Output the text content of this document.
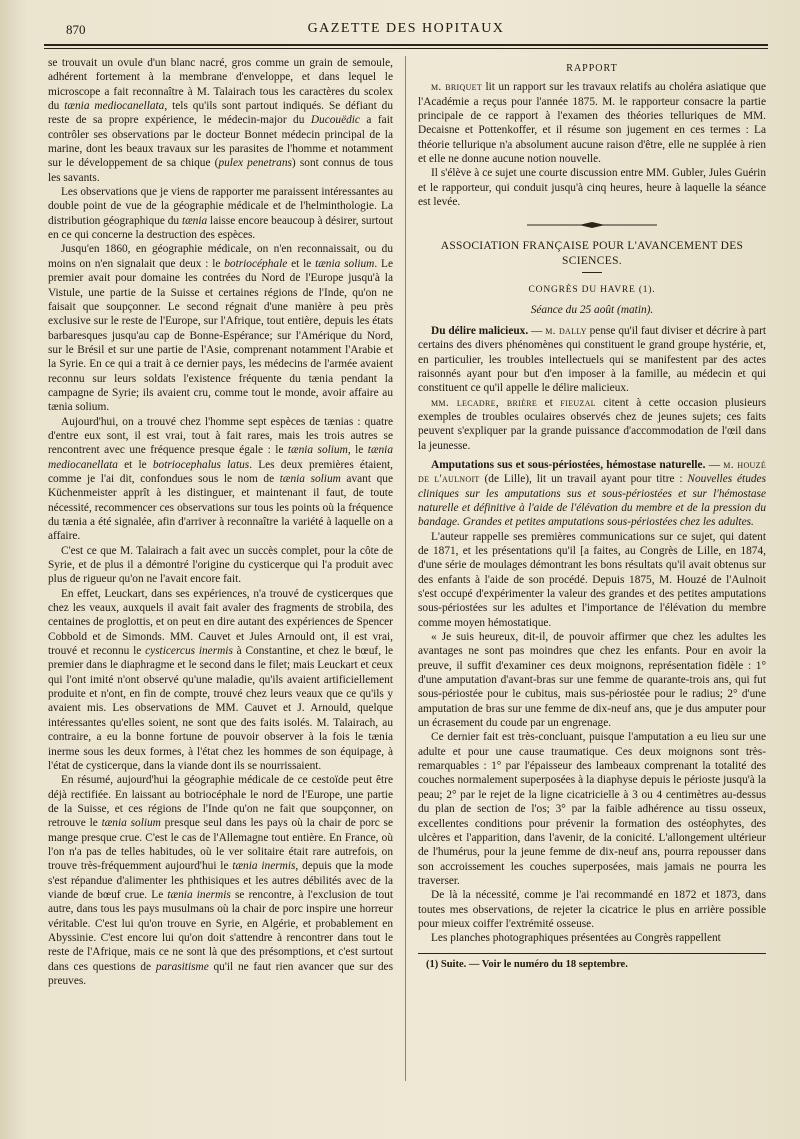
870	GAZETTE DES HOPITAUX

se trouvait un ovule d'un blanc nacré, gros comme un grain de semoule, adhérent fortement à la membrane d'enveloppe, et dans lequel le microscope a fait reconnaître à M. Talairach tous les caractères du scolex du tænia mediocanellata, tels qu'ils sont partout indiqués. Se défiant du reste de sa propre expérience, le médecin-major du Ducouëdic a fait contrôler ses observations par le docteur Bonnet médecin principal de la marine, dont les beaux travaux sur les parasites de l'homme et notamment sur le développement de sa chique (pulex penetrans) sont connus de tous les savants.

Les observations que je viens de rapporter me paraissent intéressantes au double point de vue de la géographie médicale et de l'helminthologie. La distribution géographique du tænia laisse encore beaucoup à désirer, surtout en ce qui concerne la destruction des espèces.

Jusqu'en 1860, en géographie médicale, on n'en reconnaissait, ou du moins on n'en signalait que deux : le botriocéphale et le tænia solium. Le premier avait pour domaine les contrées du Nord de l'Europe jusqu'à la Vistule, une partie de la Suisse et certaines régions de l'Inde, qu'on ne faisait que soupçonner. Le second régnait d'une manière à peu près exclusive sur le reste de l'Europe, sur l'Afrique, tout entière, depuis les états barbaresques jusqu'au cap de Bonne-Espérance; sur l'Amérique du Nord, sur le Brésil et sur une partie de l'Asie, comprenant notamment l'Arabie et la Syrie. En ce qui a trait à ce dernier pays, les médecins de l'armée avaient reconnu sur leurs soldats l'existence fréquente du tænia pendant la campagne de Syrie; ils avaient cru, comme tout le monde, avoir affaire au tænia solium.

Aujourd'hui, on a trouvé chez l'homme sept espèces de tænias : quatre d'entre eux sont, il est vrai, tout à fait rares, mais les trois autres se rencontrent avec une fréquence presque égale : le tænia solium, le tænia mediocanellata et le botriocephalus latus. Les deux premières étaient, comme je l'ai dit, confondues sous le nom de tænia solium avant que Küchenmeister apprît à les distinguer, et maintenant il faut, de toute nécessité, recommencer ces observations sur tous les points où la fréquence du tænia a été signalée, afin d'arriver à reconnaître la variété à laquelle on a affaire.

C'est ce que M. Talairach a fait avec un succès complet, pour la côte de Syrie, et de plus il a démontré l'origine du cysticerque qui l'a produit avec plus de rigueur qu'on ne l'avait encore fait.

En effet, Leuckart, dans ses expériences, n'a trouvé de cysticerques que chez les veaux, auxquels il avait fait avaler des fragments de strobila, des centaines de proglottis, et on peut en dire autant des expériences de Spencer Cobbold et de Simonds. MM. Cauvet et Jules Arnould ont, il est vrai, trouvé et reconnu le cysticercus inermis à Constantine, et chez le bœuf, le premier dans le diaphragme et le second dans le filet; mais Leuckart et ceux qui l'ont imité n'ont observé qu'une maladie, qu'ils avaient artificiellement produite et n'ont, en fin de compte, trouvé chez leurs veaux que ce qu'ils y avaient mis. Les observations de MM. Cauvet et J. Arnould, quelque intéressantes qu'elles soient, ne sont que des faits isolés. M. Talairach, au contraire, a eu la bonne fortune de pouvoir observer à la fois le tænia inerme sous les deux formes, à l'état chez les hommes de son équipage, à l'état de cysticerque, dans la viande dont ils se nourrissaient.

En résumé, aujourd'hui la géographie médicale de ce cestoïde peut être déjà rectifiée. En laissant au botriocéphale le nord de l'Europe, une partie de la Suisse, et ces régions de l'Inde qu'on ne fait que soupçonner, on retrouve le tænia solium presque seul dans les pays où la chair de porc se mange presque crue. C'est le cas de l'Allemagne tout entière. En France, où l'on n'a pas de telles habitudes, où le ver solitaire était rare autrefois, on trouve très-fréquemment aujourd'hui le tænia inermis, depuis que la mode s'est répandue d'alimenter les phthisiques et les autres débilités avec de la viande de bœuf crue. Le tænia inermis se rencontre, à l'exclusion de tout autre, dans tous les pays musulmans où la chair de porc inspire une horreur véritable. C'est lui qu'on trouve en Syrie, en Algérie, et probablement en Abyssinie. C'est encore lui qu'on doit s'attendre à rencontrer dans tout le reste de l'Afrique, mais ce ne sont là que des présomptions, et c'est surtout dans ces questions de parasitisme qu'il ne faut rien avancer que sur des preuves.

RAPPORT

m. briquet lit un rapport sur les travaux relatifs au choléra asiatique que l'Académie a reçus pour l'année 1875. M. le rapporteur consacre la partie principale de ce rapport à l'examen des théories telluriques de MM. Decaisne et Pottenkoffer, et il résume son jugement en ces termes : La théorie tellurique n'a absolument aucune raison d'être, elle ne supplée à rien et elle ne donne aucune notion nouvelle.

Il s'élève à ce sujet une courte discussion entre MM. Gubler, Jules Guérin et le rapporteur, qui conduit jusqu'à cinq heures, heure à laquelle la séance est levée.

ASSOCIATION FRANÇAISE POUR L'AVANCEMENT DES SCIENCES.
CONGRÈS DU HAVRE (1).
Séance du 25 août (matin).

Du délire malicieux. — m. dally pense qu'il faut diviser et décrire à part certains des divers phénomènes qui constituent le grand groupe hystérie, et, en particulier, les troubles intellectuels qui se manifestent par des actes raisonnés ayant pour but d'en imposer à la famille, au médecin et qui constituent ce qu'il appelle le délire malicieux.

mm. lecadre, brière et fieuzal citent à cette occasion plusieurs exemples de troubles oculaires observés chez de jeunes sujets; ces faits peuvent s'expliquer par la grande puissance d'accommodation de l'œil dans la jeunesse.

Amputations sus et sous-périostées, hémostase naturelle. — m. houzé de l'aulnoit (de Lille), lit un travail ayant pour titre : Nouvelles études cliniques sur les amputations sus et sous-périostées et sur l'hémostase naturelle et définitive à l'aide de l'élévation du membre et de la pression du bandage. Grandes et petites amputations sous-périostées chez les adultes.

L'auteur rappelle ses premières communications sur ce sujet, qui datent de 1871, et les présentations qu'il [a faites, au Congrès de Lille, en 1874, d'une série de moulages démontrant les bons résultats qu'il avait obtenus sur des enfants à l'aide de son procédé. Depuis 1875, M. Houzé de l'Aulnoit s'est occupé d'expérimenter la valeur des grandes et des petites amputations sous-périostées sur les adultes et l'importance de l'élévation du membre comme moyen hémostatique.

« Je suis heureux, dit-il, de pouvoir affirmer que chez les adultes les avantages ne sont pas moindres que chez les enfants. Pour en avoir la preuve, il suffit d'examiner ces deux moignons, représentation fidèle : 1° d'une amputation d'avant-bras sur une femme de quarante-trois ans, qui fut sous-périostée pour le cubitus, mais sus-périostée pour le radius; 2° d'une amputation de bras sur une femme de dix-neuf ans, que je dus amputer pour un écrasement du coude par un engrenage.

Ce dernier fait est très-concluant, puisque l'amputation a eu lieu sur une adulte et pour une cause traumatique. Ces deux moignons sont très-remarquables : 1° par l'épaisseur des lambeaux comprenant la totalité des couches normalement superposées à la diaphyse depuis le périoste jusqu'à la peau; 2° par le rejet de la ligne cicatricielle à 3 ou 4 centimètres au-dessus du plan de section de l'os; 3° par la faible adhérence au tissu osseux, excellentes conditions pour prévenir la formation des ostéophytes, des ulcères et l'apparition, dans l'avenir, de la conicité. L'allongement ultérieur de l'humérus, pour la jeune femme de dix-neuf ans, pourra repousser dans son accroissement les couches superposées, mais jamais ne pourra les traverser.

De là la nécessité, comme je l'ai recommandé en 1872 et 1873, dans toutes mes observations, de rejeter la cicatrice le plus en arrière possible pour mieux coiffer l'extrémité osseuse.

Les planches photographiques présentées au Congrès rappellent

(1) Suite. — Voir le numéro du 18 septembre.
